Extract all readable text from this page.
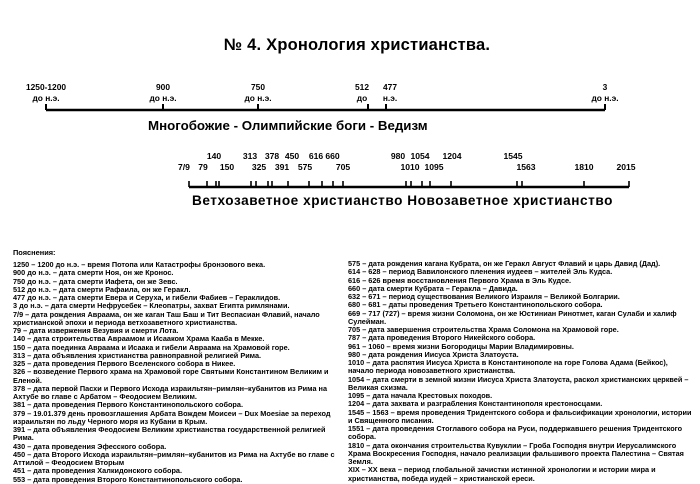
№ 4. Хронология христианства.
1250-1200
до н.э.
900
до н.э.
750
до н.э.
512
до
477
н.э.
3
до н.э.
7/9 79
140
150
313
325
378
391
450
575
616 660
705
980
1010
1054
1095
1204	1545
1563	1810	2015
Многобожие - Олимпийские боги - Ведизм
Ветхозаветное христианство Новозаветное христианство
Пояснения:

1250 – 1200 до н.э. – время Потопа или Катастрофы бронзового века.

900 до н.э. – дата смерти Ноя, он же Кронос.

750 до н.э. – дата смерти Иафета, он же Зевс.

512 до н.э. – дата смерти Рафаила, он же Геракл.

477 до н.э. – дата смерти Евера и Серуха, и гибели Фабиев – Гераклидов.

3 до н.э. – дата смерти Нефрусебек – Клеопатры, захват Египта римлянами.

7/9 – дата рождения Авраама, он же каган Таш Баш и Тит Веспасиан Флавий, начало христианской эпохи и периода ветхозаветного христианства.

79 – дата извержения Везувия и смерти Лота.

140 – дата строительства Авраамом и Исааком Храма Кааба в Мекке.

150 – дата поединка Авраама и Исаака и гибели Авраама на Храмовой горе.

313 – дата объявления христианства равноправной религией Рима.

325 – дата проведения Первого Вселенского собора в Никее.

326 – возведение Первого храма на Храмовой горе Святыми Константином Великим и Еленой.

378 – дата первой Пасхи и Первого Исхода израильтян–римлян–кубанитов из Рима на Ахтубе во главе с Арбатом – Феодосием Великим.

381 – дата проведения Первого Константинопольского собора.

379 – 19.01.379 день провозглашения Арбата Вождем Моисеи – Dux Moesiae за переход израильтян по льду Черного моря из Кубани в Крым.

391 – дата объявления Феодосием Великим христианства государственной религией Рима.

430 – дата проведения Эфесского собора.

450 – дата Второго Исхода израильтян–римлян–кубанитов из Рима на Ахтубе во главе с Аттилой – Феодосием Вторым

451 – дата проведения Халкидонского собора.

553 – дата проведения Второго Константинопольского собора.

575 – дата рождения кагана Кубрата, он же Геракл Август Флавий и царь Давид (Дад).

614 – 628 – период Вавилонского пленения иудеев – жителей Эль Кудса.

616 – 626 время восстановления Первого Храма в Эль Кудсе.

660 – дата смерти Кубрата – Геракла – Давида.

632 – 671 – период существования Великого Израиля – Великой Болгарии.

680 – 681 – даты проведения Третьего Константинопольского собора.

669 – 717 (727) – время жизни Соломона, он же Юстиниан Ринотмет, каган Сулаби и халиф Сулейман.

705 – дата завершения строительства Храма Соломона на Храмовой горе.

787 – дата проведения Второго Никейского собора.

961 – 1060 – время жизни Богородицы Марии Владимировны.

980 – дата рождения Иисуса Христа Златоуста.

1010 – дата распятия Иисуса Христа в Константинополе на горе Голова Адама (Бейкос), начало периода новозаветного христианства.

1054 – дата смерти в земной жизни Иисуса Христа Златоуста, раскол христианских церквей – Великая схизма.

1095 – дата начала Крестовых походов.

1204 – дата захвата и разграбления Константинополя крестоносцами.

1545 – 1563 – время проведения Тридентского собора и фальсификации хронологии, истории и Священного писания.

1551 – дата проведения Стоглавого собора на Руси, поддержавшего решения Тридентского собора.

1810 – дата окончания строительства Кувуклии – Гроба Господня внутри Иерусалимского Храма Воскресения Господня, начало реализации фальшивого проекта Палестина – Святая Земля.

XIX – XX века – период глобальной зачистки истинной хронологии и истории мира и христианства, победа иудей – христианской ереси.
